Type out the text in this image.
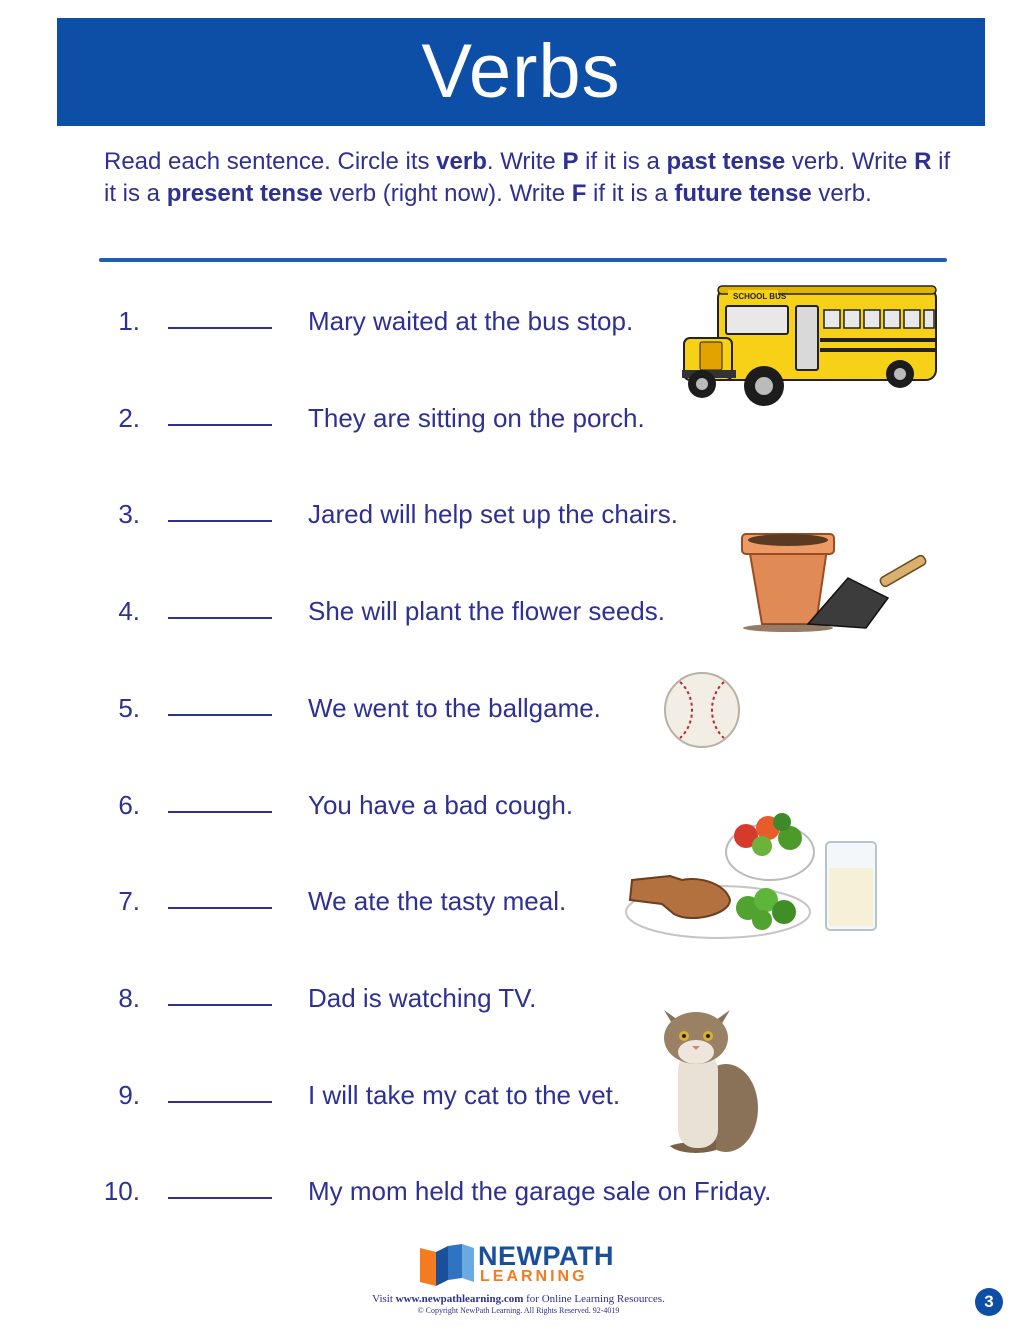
Verbs
Read each sentence. Circle its verb. Write P if it is a past tense verb. Write R if it is a present tense verb (right now). Write F if it is a future tense verb.
1.	Mary waited at the bus stop.
2.	They are sitting on the porch.
3.	Jared will help set up the chairs.
4.	She will plant the flower seeds.
5.	We went to the ballgame.
6.	You have a bad cough.
7.	We ate the tasty meal.
8.	Dad is watching TV.
9.	I will take my cat to the vet.
10.	My mom held the garage sale on Friday.
SCHOOL BUS
NEWPATH
LEARNING
Visit www.newpathlearning.com for Online Learning Resources.
© Copyright NewPath Learning. All Rights Reserved. 92-4019	3
